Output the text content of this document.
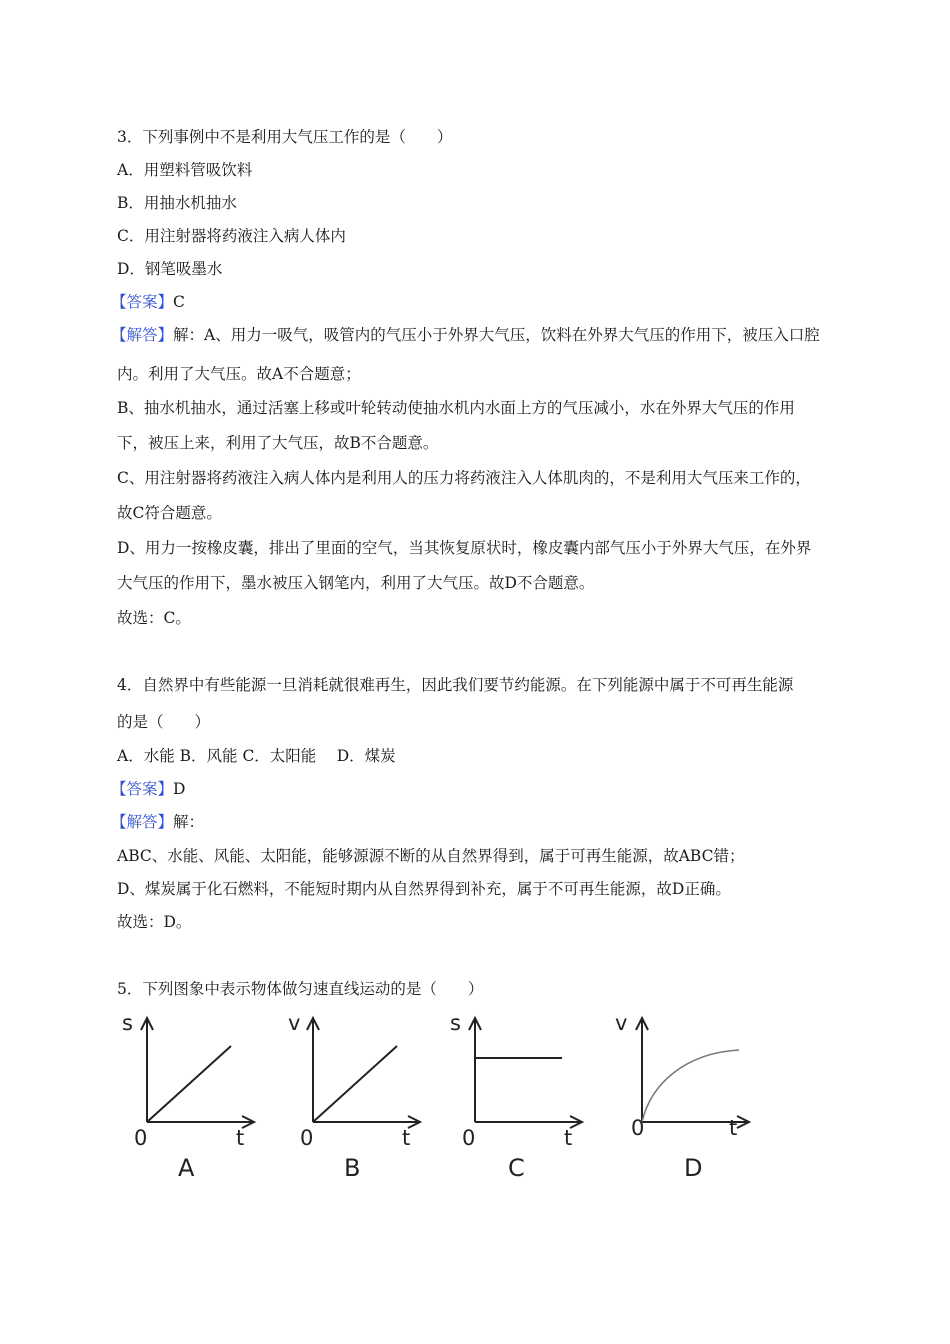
3．下列事例中不是利用大气压工作的是（　　）
A．用塑料管吸饮料
B．用抽水机抽水
C．用注射器将药液注入病人体内
D．钢笔吸墨水
【答案】C
【解答】解：A、用力一吸气，吸管内的气压小于外界大气压，饮料在外界大气压的作用下，被压入口腔
内。利用了大气压。故A不合题意；
B、抽水机抽水，通过活塞上移或叶轮转动使抽水机内水面上方的气压减小，水在外界大气压的作用
下，被压上来，利用了大气压，故B不合题意。
C、用注射器将药液注入病人体内是利用人的压力将药液注入人体肌肉的，不是利用大气压来工作的，
故C符合题意。
D、用力一按橡皮囊，排出了里面的空气，当其恢复原状时，橡皮囊内部气压小于外界大气压，在外界
大气压的作用下，墨水被压入钢笔内，利用了大气压。故D不合题意。
故选：C。
4．自然界中有些能源一旦消耗就很难再生，因此我们要节约能源。在下列能源中属于不可再生能源
的是（　　）
A．水能 B．风能 C．太阳能　 D．煤炭
【答案】D
【解答】解：
ABC、水能、风能、太阳能，能够源源不断的从自然界得到，属于可再生能源，故ABC错；
D、煤炭属于化石燃料，不能短时期内从自然界得到补充，属于不可再生能源，故D正确。
故选：D。
5．下列图象中表示物体做匀速直线运动的是（　　）
s
0	t
A
v
0	t
B
s
0	t
C
v
0	t
D
